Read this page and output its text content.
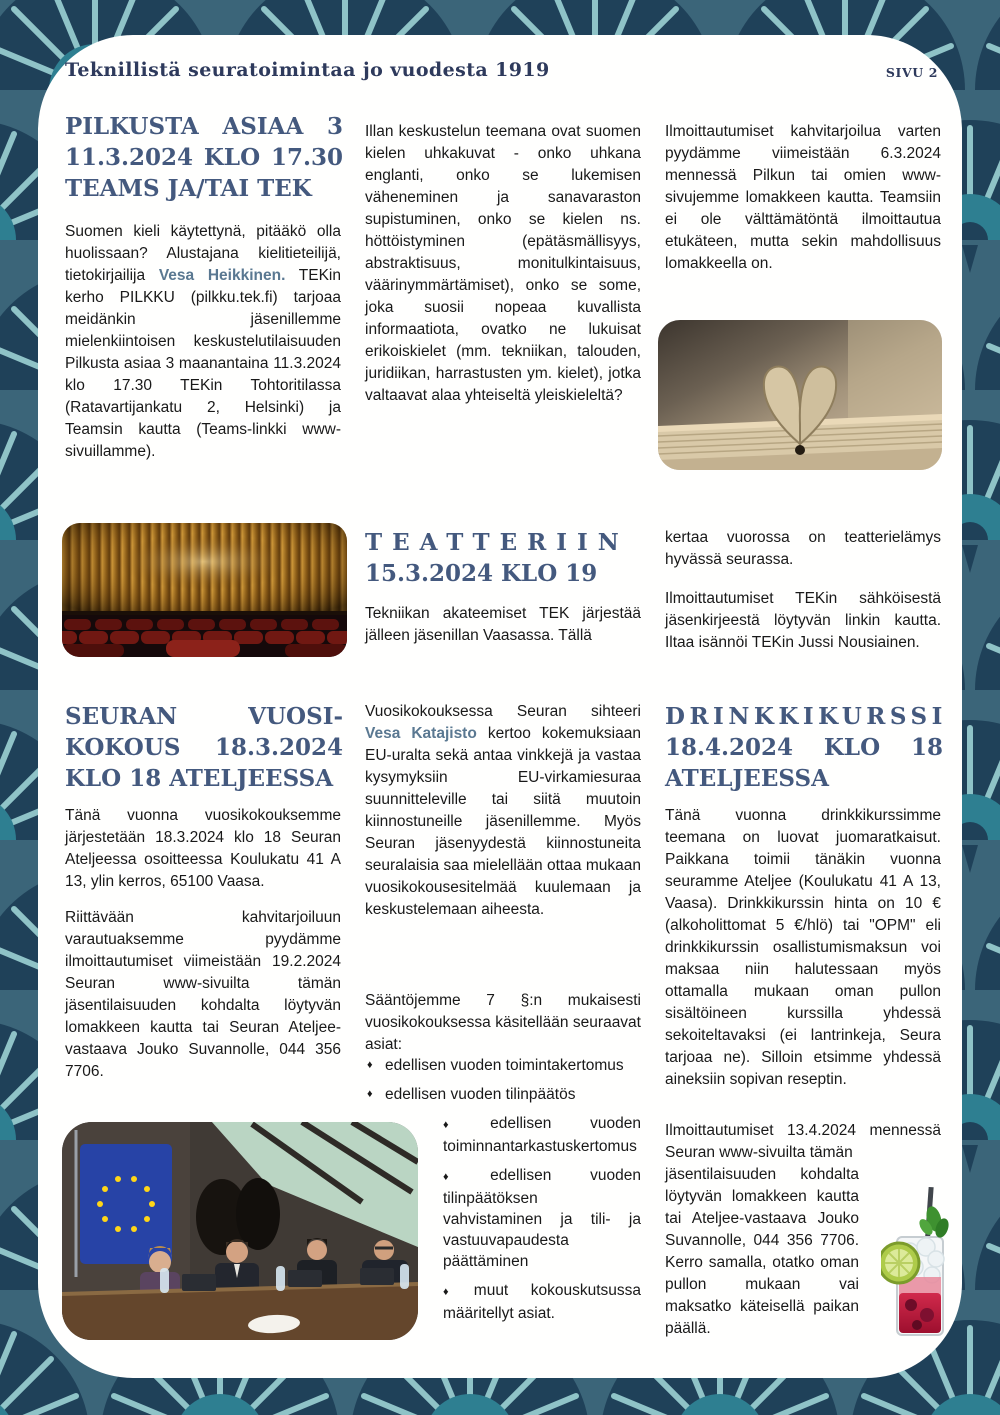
Teknillistä seuratoimintaa jo vuodesta 1919	SIVU 2
PILKUSTA ASIAA 3
11.3.2024 KLO 17.30
TEAMS JA/TAI TEK
Suomen kieli käytettynä, pitääkö olla huolissaan? Alustajana kielitieteilijä, tietokirjailija Vesa Heikkinen. TEKin kerho PILKKU (pilkku.tek.fi) tarjoaa meidänkin jäsenillemme mielenkiintoisen keskustelutilaisuuden Pilkusta asiaa 3 maanantaina 11.3.2024 klo 17.30 TEKin Tohtoritilassa (Ratavartijankatu 2, Helsinki) ja Teamsin kautta (Teams-linkki www-sivuillamme).
SEURAN VUOSI-
KOKOUS 18.3.2024
KLO 18 ATELJEESSA
Tänä vuonna vuosikokouksemme järjestetään 18.3.2024 klo 18 Seuran Ateljeessa osoitteessa Koulukatu 41 A 13, ylin kerros, 65100 Vaasa.
Riittävään kahvitarjoiluun varautuaksemme pyydämme ilmoittautumiset viimeistään 19.2.2024 Seuran www-sivuilta tämän jäsentilaisuuden kohdalta löytyvän lomakkeen kautta tai Seuran Ateljee-vastaava Jouko Suvannolle, 044 356 7706.
Illan keskustelun teemana ovat suomen kielen uhkakuvat - onko uhkana englanti, onko se lukemisen väheneminen ja sanavaraston supistuminen, onko se kielen ns. höttöistyminen (epätäsmällisyys, abstraktisuus, monitulkintaisuus, väärinymmärtämiset), onko se some, joka suosii nopeaa kuvallista informaatiota, ovatko ne lukuisat erikoiskielet (mm. tekniikan, talouden, juridiikan, harrastusten ym. kielet), jotka valtaavat alaa yhteiseltä yleiskieleltä?
TEATTERIIN
15.3.2024 KLO 19
Tekniikan akateemiset TEK järjestää jälleen jäsenillan Vaasassa. Tällä
Vuosikokouksessa Seuran sihteeri Vesa Katajisto kertoo kokemuksiaan EU-uralta sekä antaa vinkkejä ja vastaa kysymyksiin EU-virkamiesuraa suunnitteleville tai siitä muutoin kiinnostuneille jäsenillemme. Myös Seuran jäsenyydestä kiinnostuneita seuralaisia saa mielellään ottaa mukaan vuosikokousesitelmää kuulemaan ja keskustelemaan aiheesta.
Sääntöjemme 7 §:n mukaisesti vuosikokouksessa käsitellään seuraavat asiat:
♦ edellisen vuoden toimintakertomus
♦ edellisen vuoden tilinpäätös
♦ edellisen vuoden toiminnantarkastuskertomus
♦ edellisen vuoden tilinpäätöksen vahvistaminen ja tili- ja vastuuvapaudesta päättäminen
♦ muut kokouskutsussa määritellyt asiat.
Ilmoittautumiset kahvitarjoilua varten pyydämme viimeistään 6.3.2024 mennessä Pilkun tai omien www-sivujemme lomakkeen kautta. Teamsiin ei ole välttämätöntä ilmoittautua etukäteen, mutta sekin mahdollisuus lomakkeella on.
kertaa vuorossa on teatterielämys hyvässä seurassa.
Ilmoittautumiset TEKin sähköisestä jäsenkirjeestä löytyvän linkin kautta. Iltaa isännöi TEKin Jussi Nousiainen.
DRINKKIKURSSI
18.4.2024 KLO 18
ATELJEESSA
Tänä vuonna drinkkikurssimme teemana on luovat juomaratkaisut. Paikkana toimii tänäkin vuonna seuramme Ateljee (Koulukatu 41 A 13, Vaasa). Drinkkikurssin hinta on 10 € (alkoholittomat 5 €/hlö) tai "OPM" eli drinkkikurssin osallistumismaksun voi maksaa niin halutessaan myös ottamalla mukaan oman pullon sisältöineen kurssilla yhdessä sekoiteltavaksi (ei lantrinkeja, Seura tarjoaa ne). Silloin etsimme yhdessä aineksiin sopivan reseptin.
Ilmoittautumiset 13.4.2024 mennessä Seuran www-sivuilta tämän
jäsentilaisuuden kohdalta löytyvän lomakkeen kautta tai Ateljee-vastaava Jouko Suvannolle, 044 356 7706. Kerro samalla, otatko oman pullon mukaan vai maksatko käteisellä paikan päällä.
